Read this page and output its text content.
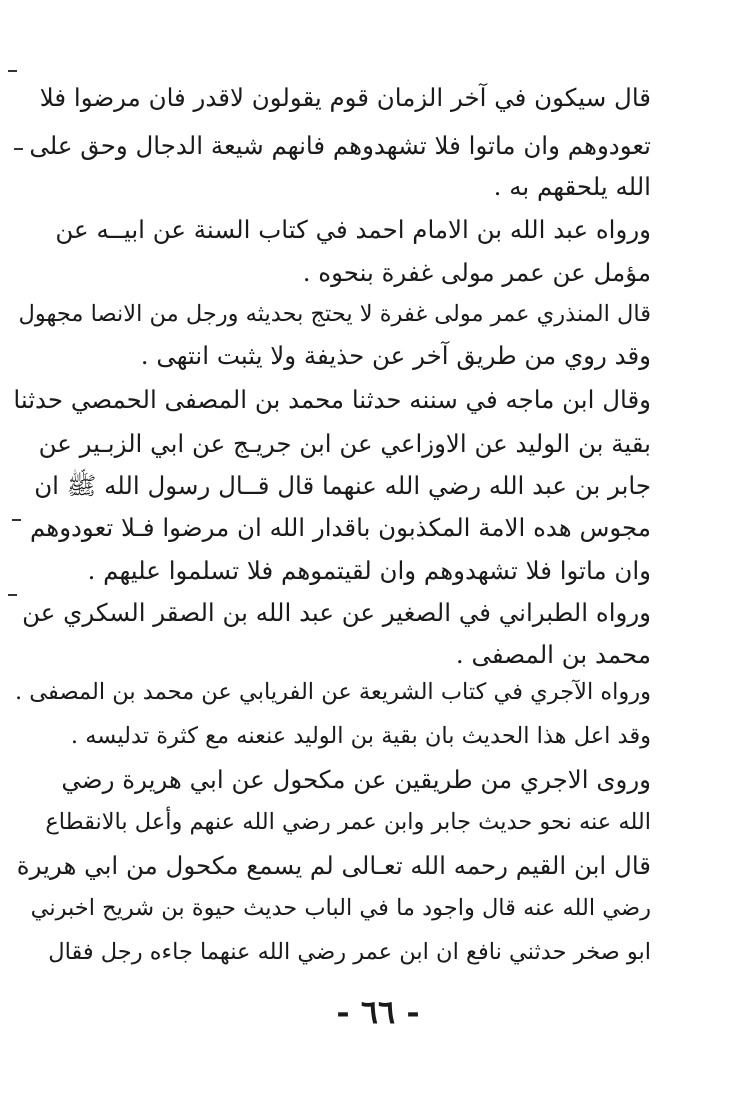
قال سيكون في آخر الزمان قوم يقولون لاقدر فان مرضوا فلا
تعودوهم وان ماتوا فلا تشهدوهم فانهم شيعة الدجال وحق على
الله يلحقهم به .
ورواه عبد الله بن الامام احمد في كتاب السنة عن ابيــه عن
مؤمل عن عمر مولى غفرة بنحوه .
قال المنذري عمر مولى غفرة لا يحتج بحديثه ورجل من الانصا مجهول
وقد روي من طريق آخر عن حذيفة ولا يثبت انتهى .
وقال ابن ماجه في سننه حدثنا محمد بن المصفى الحمصي حدثنا
بقية بن الوليد عن الاوزاعي عن ابن جريـج عن ابي الزبـير عن
جابر بن عبد الله رضي الله عنهما قال قــال رسول الله ﷺ ان
مجوس هده الامة المكذبون باقدار الله ان مرضوا فـلا تعودوهم
وان ماتوا فلا تشهدوهم وان لقيتموهم فلا تسلموا عليهم .
ورواه الطبراني في الصغير عن عبد الله بن الصقر السكري عن
محمد بن المصفى .
ورواه الآجري في كتاب الشريعة عن الفريابي عن محمد بن المصفى .
وقد اعل هذا الحديث بان بقية بن الوليد عنعنه مع كثرة تدليسه .
وروى الاجري من طريقين عن مكحول عن ابي هريرة رضي
الله عنه نحو حديث جابر وابن عمر رضي الله عنهم وأعل بالانقطاع
قال ابن القيم رحمه الله تعـالى لم يسمع مكحول من ابي هريرة
رضي الله عنه قال واجود ما في الباب حديث حيوة بن شريح اخبرني
ابو صخر حدثني نافع ان ابن عمر رضي الله عنهما جاءه رجل فقال
- ٦٦ -
